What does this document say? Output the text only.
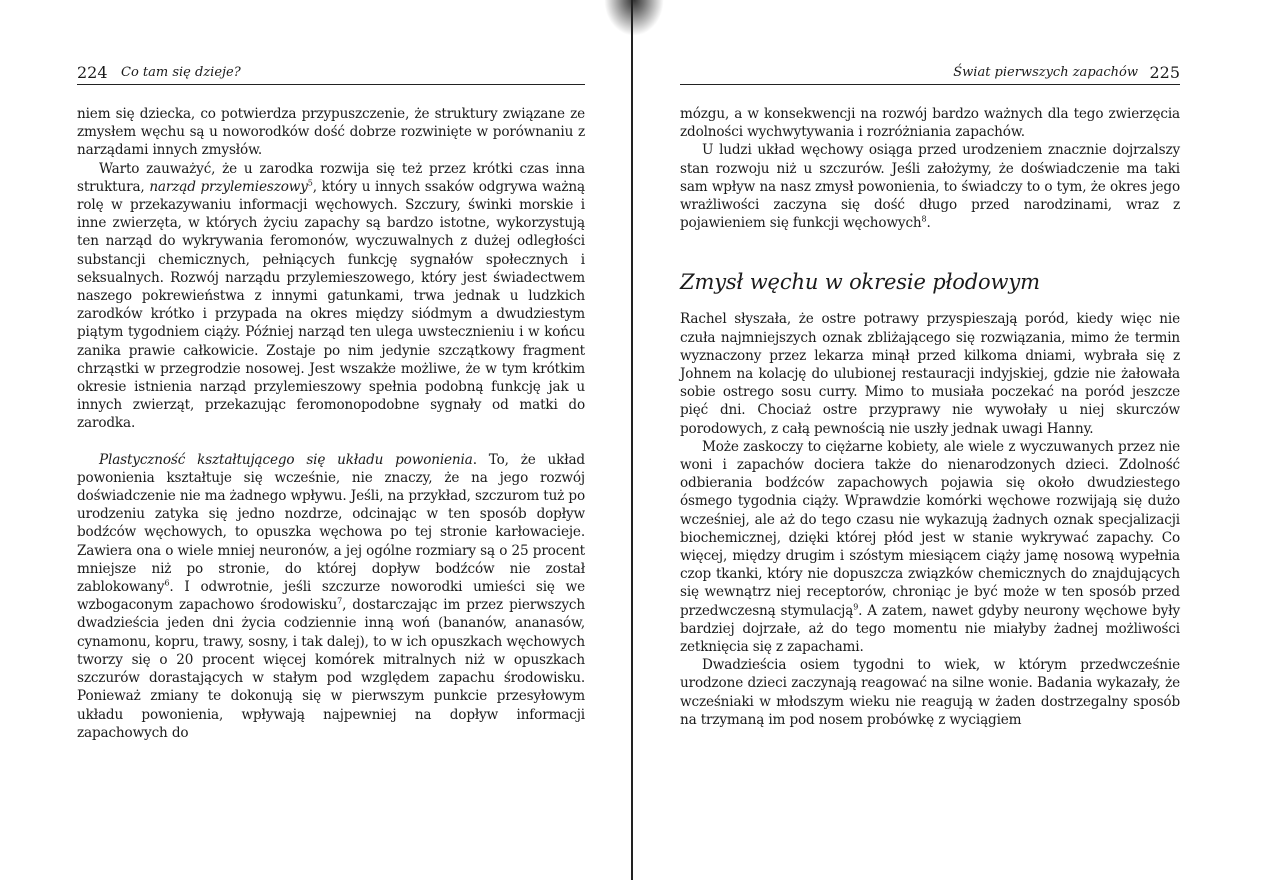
224 Co tam się dzieje?

niem się dziecka, co potwierdza przypuszczenie, że struktury związane ze zmysłem węchu są u noworodków dość dobrze rozwinięte w porównaniu z narządami innych zmysłów.

Warto zauważyć, że u zarodka rozwija się też przez krótki czas inna struktura, narząd przylemieszowy$^5$, który u innych ssaków odgrywa ważną rolę w przekazywaniu informacji węchowych. Szczury, świnki morskie i inne zwierzęta, w których życiu zapachy są bardzo istotne, wykorzystują ten narząd do wykrywania feromonów, wyczuwalnych z dużej odległości substancji chemicznych, pełniących funkcję sygnałów społecznych i seksualnych. Rozwój narządu przylemieszowego, który jest świadectwem naszego pokrewieństwa z innymi gatunkami, trwa jednak u ludzkich zarodków krótko i przypada na okres między siódmym a dwudziestym piątym tygodniem ciąży. Później narząd ten ulega uwstecznieniu i w końcu zanika prawie całkowicie. Zostaje po nim jedynie szczątkowy fragment chrząstki w przegrodzie nosowej. Jest wszakże możliwe, że w tym krótkim okresie istnienia narząd przylemieszowy spełnia podobną funkcję jak u innych zwierząt, przekazując feromonopodobne sygnały od matki do zarodka.

Plastyczność kształtującego się układu powonienia. To, że układ powonienia kształtuje się wcześnie, nie znaczy, że na jego rozwój doświadczenie nie ma żadnego wpływu. Jeśli, na przykład, szczurom tuż po urodzeniu zatyka się jedno nozdrze, odcinając w ten sposób dopływ bodźców węchowych, to opuszka węchowa po tej stronie karłowacieje. Zawiera ona o wiele mniej neuronów, a jej ogólne rozmiary są o 25 procent mniejsze niż po stronie, do której dopływ bodźców nie został zablokowany$^6$. I odwrotnie, jeśli szczurze noworodki umieści się we wzbogaconym zapachowo środowisku$^7$, dostarczając im przez pierwszych dwadzieścia jeden dni życia codziennie inną woń (bananów, ananasów, cynamonu, kopru, trawy, sosny, i tak dalej), to w ich opuszkach węchowych tworzy się o 20 procent więcej komórek mitralnych niż w opuszkach szczurów dorastających w stałym pod względem zapachu środowisku. Ponieważ zmiany te dokonują się w pierwszym punkcie przesyłowym układu powonienia, wpływają najpewniej na dopływ informacji zapachowych do

Świat pierwszych zapachów 225

mózgu, a w konsekwencji na rozwój bardzo ważnych dla tego zwierzęcia zdolności wychwytywania i rozróżniania zapachów.

U ludzi układ węchowy osiąga przed urodzeniem znacznie dojrzalszy stan rozwoju niż u szczurów. Jeśli założymy, że doświadczenie ma taki sam wpływ na nasz zmysł powonienia, to świadczy to o tym, że okres jego wrażliwości zaczyna się dość długo przed narodzinami, wraz z pojawieniem się funkcji węchowych$^8$.

Zmysł węchu w okresie płodowym

Rachel słyszała, że ostre potrawy przyspieszają poród, kiedy więc nie czuła najmniejszych oznak zbliżającego się rozwiązania, mimo że termin wyznaczony przez lekarza minął przed kilkoma dniami, wybrała się z Johnem na kolację do ulubionej restauracji indyjskiej, gdzie nie żałowała sobie ostrego sosu curry. Mimo to musiała poczekać na poród jeszcze pięć dni. Chociaż ostre przyprawy nie wywołały u niej skurczów porodowych, z całą pewnością nie uszły jednak uwagi Hanny.

Może zaskoczy to ciężarne kobiety, ale wiele z wyczuwanych przez nie woni i zapachów dociera także do nienarodzonych dzieci. Zdolność odbierania bodźców zapachowych pojawia się około dwudziestego ósmego tygodnia ciąży. Wprawdzie komórki węchowe rozwijają się dużo wcześniej, ale aż do tego czasu nie wykazują żadnych oznak specjalizacji biochemicznej, dzięki której płód jest w stanie wykrywać zapachy. Co więcej, między drugim i szóstym miesiącem ciąży jamę nosową wypełnia czop tkanki, który nie dopuszcza związków chemicznych do znajdujących się wewnątrz niej receptorów, chroniąc je być może w ten sposób przed przedwczesną stymulacją$^9$. A zatem, nawet gdyby neurony węchowe były bardziej dojrzałe, aż do tego momentu nie miałyby żadnej możliwości zetknięcia się z zapachami.

Dwadzieścia osiem tygodni to wiek, w którym przedwcześnie urodzone dzieci zaczynają reagować na silne wonie. Badania wykazały, że wcześniaki w młodszym wieku nie reagują w żaden dostrzegalny sposób na trzymaną im pod nosem probówkę z wyciągiem
